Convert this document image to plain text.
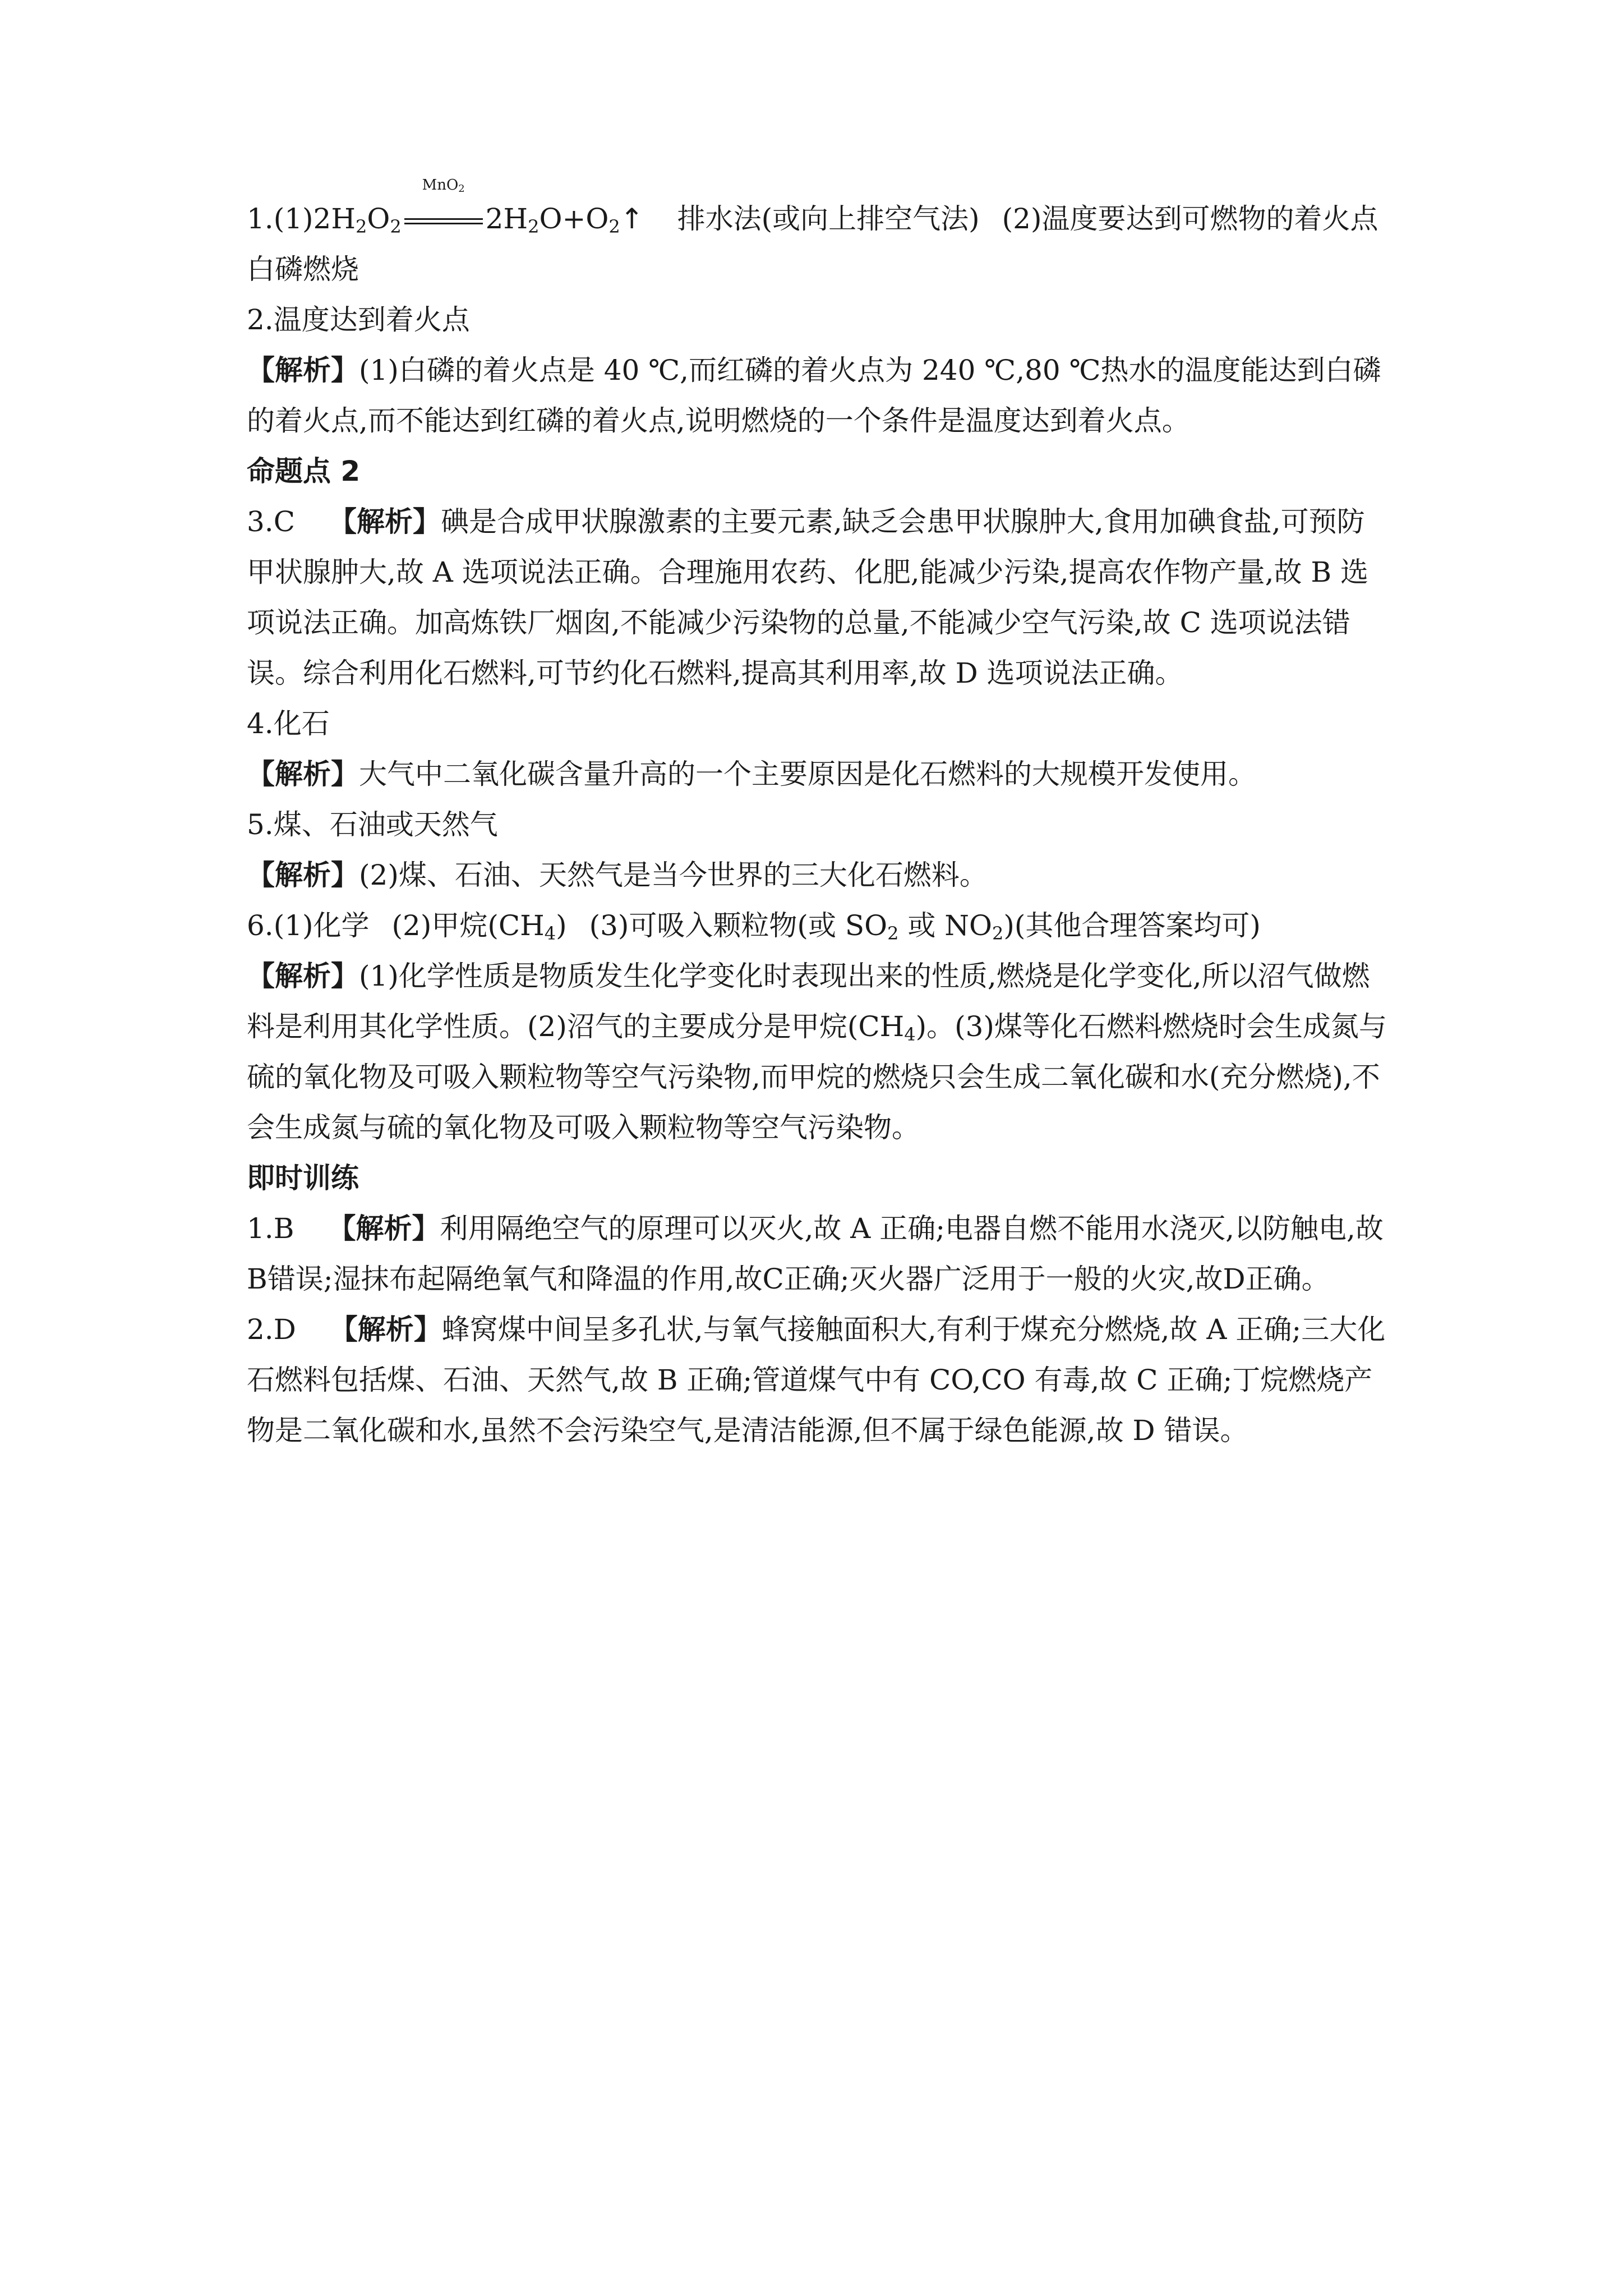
$1.(1)2H_2O_2$
MnO$_2$
$2H_2O+O_2↑$ 排水法(或向上排空气法) (2)温度要达到可燃物的着火点
白磷燃烧
2.温度达到着火点
【解析】(1)白磷的着火点是 40 ℃,而红磷的着火点为 240 ℃,80 ℃热水的温度能达到白磷的着火点,而不能达到红磷的着火点,说明燃烧的一个条件是温度达到着火点。
命题点 2
3.C 【解析】碘是合成甲状腺激素的主要元素,缺乏会患甲状腺肿大,食用加碘食盐,可预防甲状腺肿大,故 A 选项说法正确。合理施用农药、化肥,能减少污染,提高农作物产量,故 B 选项说法正确。加高炼铁厂烟囱,不能减少污染物的总量,不能减少空气污染,故 C 选项说法错误。综合利用化石燃料,可节约化石燃料,提高其利用率,故 D 选项说法正确。
4.化石
【解析】大气中二氧化碳含量升高的一个主要原因是化石燃料的大规模开发使用。
5.煤、石油或天然气
【解析】(2)煤、石油、天然气是当今世界的三大化石燃料。
6.(1)化学 (2)甲烷$(CH_4)$ (3)可吸入颗粒物(或 $SO_2$ 或 $NO_2$)(其他合理答案均可)
【解析】(1)化学性质是物质发生化学变化时表现出来的性质,燃烧是化学变化,所以沼气做燃料是利用其化学性质。(2)沼气的主要成分是甲烷$(CH_4)$。(3)煤等化石燃料燃烧时会生成氮与硫的氧化物及可吸入颗粒物等空气污染物,而甲烷的燃烧只会生成二氧化碳和水(充分燃烧),不会生成氮与硫的氧化物及可吸入颗粒物等空气污染物。
即时训练
1.B 【解析】利用隔绝空气的原理可以灭火,故 A 正确;电器自燃不能用水浇灭,以防触电,故B错误;湿抹布起隔绝氧气和降温的作用,故C正确;灭火器广泛用于一般的火灾,故D正确。
2.D 【解析】蜂窝煤中间呈多孔状,与氧气接触面积大,有利于煤充分燃烧,故 A 正确;三大化石燃料包括煤、石油、天然气,故 B 正确;管道煤气中有 CO,CO 有毒,故 C 正确;丁烷燃烧产物是二氧化碳和水,虽然不会污染空气,是清洁能源,但不属于绿色能源,故 D 错误。
